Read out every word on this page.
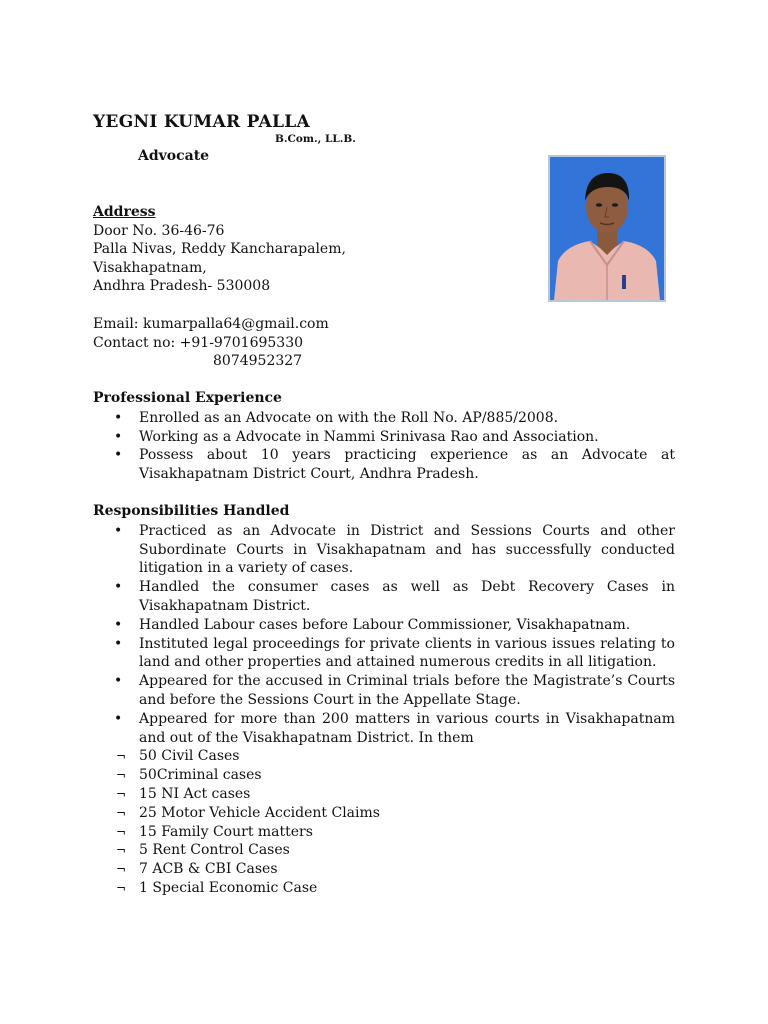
YEGNI KUMAR PALLA
B.Com., LL.B.
Advocate
Address
Door No. 36-46-76
Palla Nivas, Reddy Kancharapalem,
Visakhapatnam,
Andhra Pradesh- 530008
Email: kumarpalla64@gmail.com
Contact no: +91-9701695330
8074952327
Professional Experience
• Enrolled as an Advocate on with the Roll No. AP/885/2008.
• Working as a Advocate in Nammi Srinivasa Rao and Association.
• Possess about 10 years practicing experience as an Advocate at Visakhapatnam District Court, Andhra Pradesh.
Responsibilities Handled
• Practiced as an Advocate in District and Sessions Courts and other Subordinate Courts in Visakhapatnam and has successfully conducted litigation in a variety of cases.
• Handled the consumer cases as well as Debt Recovery Cases in Visakhapatnam District.
• Handled Labour cases before Labour Commissioner, Visakhapatnam.
• Instituted legal proceedings for private clients in various issues relating to land and other properties and attained numerous credits in all litigation.
• Appeared for the accused in Criminal trials before the Magistrate’s Courts and before the Sessions Court in the Appellate Stage.
• Appeared for more than 200 matters in various courts in Visakhapatnam and out of the Visakhapatnam District. In them
¬ 50 Civil Cases
¬ 50Criminal cases
¬ 15 NI Act cases
¬ 25 Motor Vehicle Accident Claims
¬ 15 Family Court matters
¬ 5 Rent Control Cases
¬ 7 ACB & CBI Cases
¬ 1 Special Economic Case
